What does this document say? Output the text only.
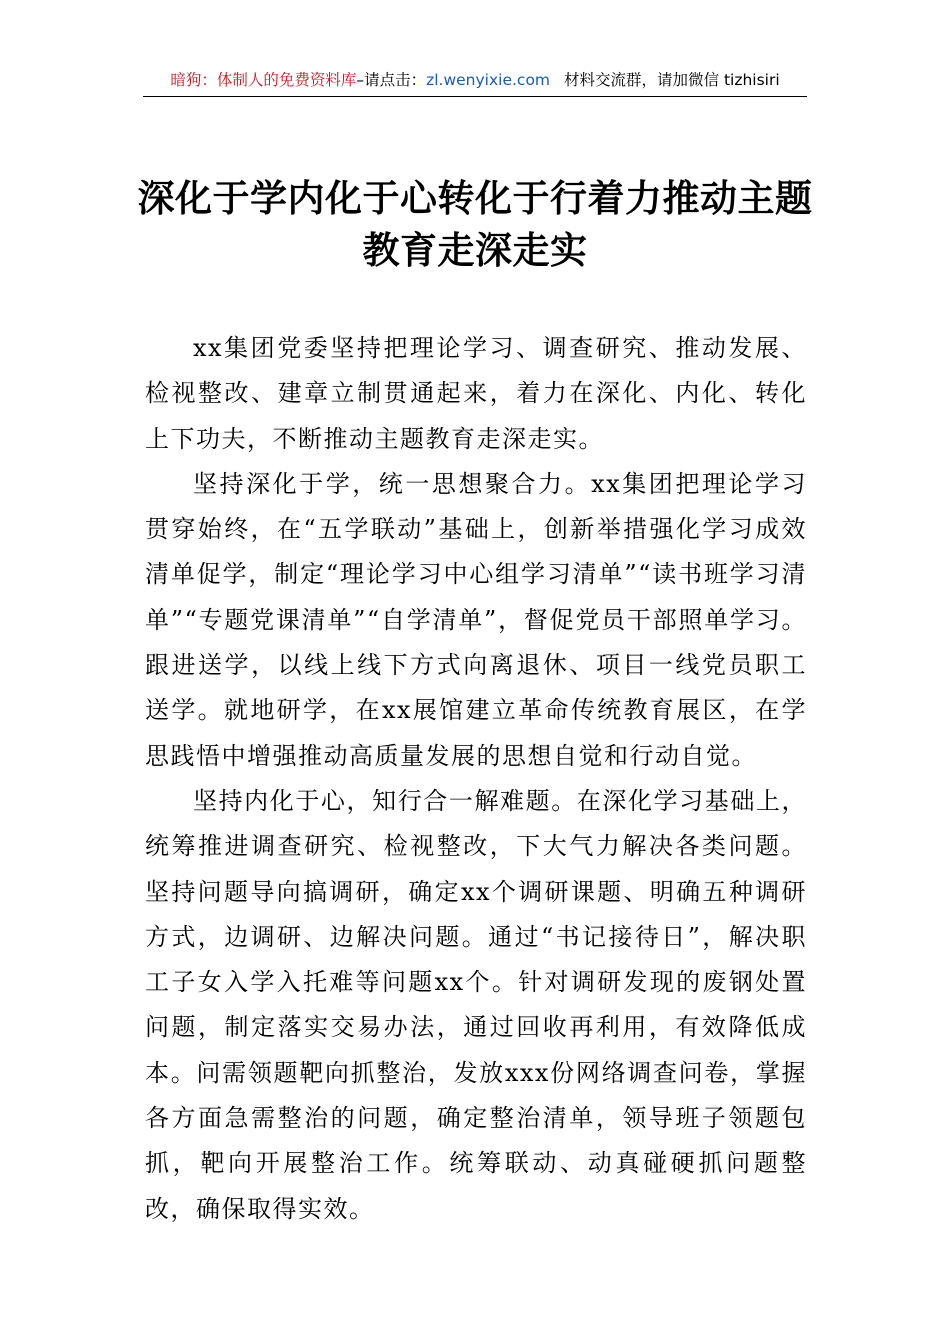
暗狗：体制人的免费资料库–请点击：zl.wenyixie.com 材料交流群，请加微信 tizhisiri
深化于学内化于心转化于行着力推动主题
教育走深走实

xx集团党委坚持把理论学习、调查研究、推动发展、检视整改、建章立制贯通起来，着力在深化、内化、转化上下功夫，不断推动主题教育走深走实。

坚持深化于学，统一思想聚合力。xx集团把理论学习贯穿始终，在“五学联动”基础上，创新举措强化学习成效清单促学，制定“理论学习中心组学习清单”“读书班学习清单”“专题党课清单”“自学清单”，督促党员干部照单学习。跟进送学，以线上线下方式向离退休、项目一线党员职工送学。就地研学，在xx展馆建立革命传统教育展区，在学思践悟中增强推动高质量发展的思想自觉和行动自觉。

坚持内化于心，知行合一解难题。在深化学习基础上，统筹推进调查研究、检视整改，下大气力解决各类问题。坚持问题导向搞调研，确定xx个调研课题、明确五种调研方式，边调研、边解决问题。通过“书记接待日”，解决职工子女入学入托难等问题xx个。针对调研发现的废钢处置问题，制定落实交易办法，通过回收再利用，有效降低成本。问需领题靶向抓整治，发放xxx份网络调查问卷，掌握各方面急需整治的问题，确定整治清单，领导班子领题包抓，靶向开展整治工作。统筹联动、动真碰硬抓问题整改，确保取得实效。
